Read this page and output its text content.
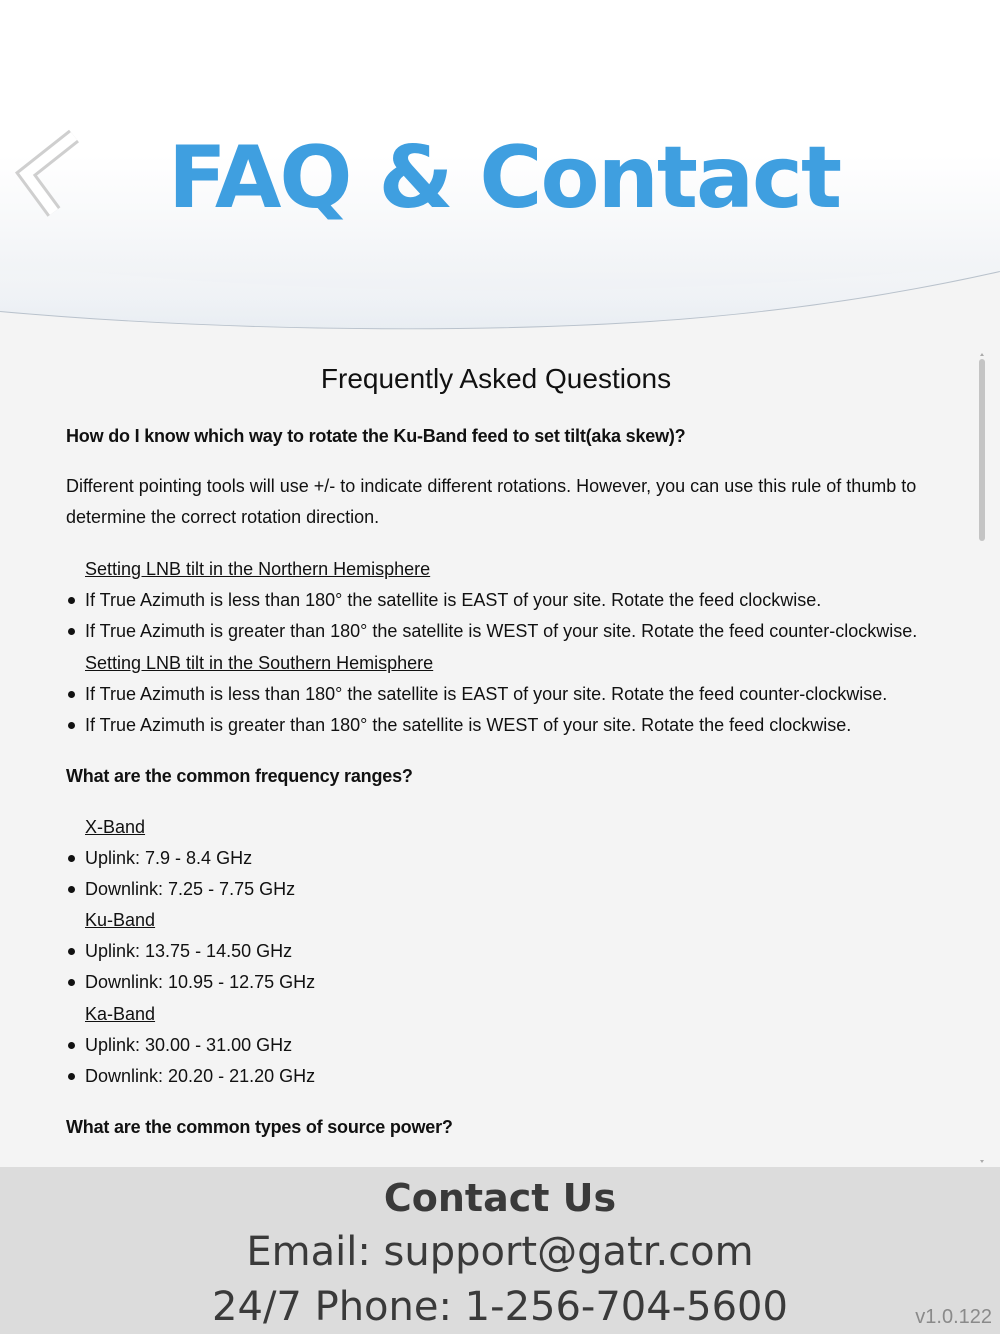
FAQ & Contact
Frequently Asked Questions
How do I know which way to rotate the Ku-Band feed to set tilt(aka skew)?
Different pointing tools will use +/- to indicate different rotations. However, you can use this rule of thumb to determine the correct rotation direction.
Setting LNB tilt in the Northern Hemisphere
If True Azimuth is less than 180° the satellite is EAST of your site. Rotate the feed clockwise.
If True Azimuth is greater than 180° the satellite is WEST of your site. Rotate the feed counter-clockwise.
Setting LNB tilt in the Southern Hemisphere
If True Azimuth is less than 180° the satellite is EAST of your site. Rotate the feed counter-clockwise.
If True Azimuth is greater than 180° the satellite is WEST of your site. Rotate the feed clockwise.
What are the common frequency ranges?
X-Band
Uplink: 7.9 - 8.4 GHz
Downlink: 7.25 - 7.75 GHz
Ku-Band
Uplink: 13.75 - 14.50 GHz
Downlink: 10.95 - 12.75 GHz
Ka-Band
Uplink: 30.00 - 31.00 GHz
Downlink: 20.20 - 21.20 GHz
What are the common types of source power?
Contact Us
Email: support@gatr.com
24/7 Phone: 1-256-704-5600	v1.0.122
